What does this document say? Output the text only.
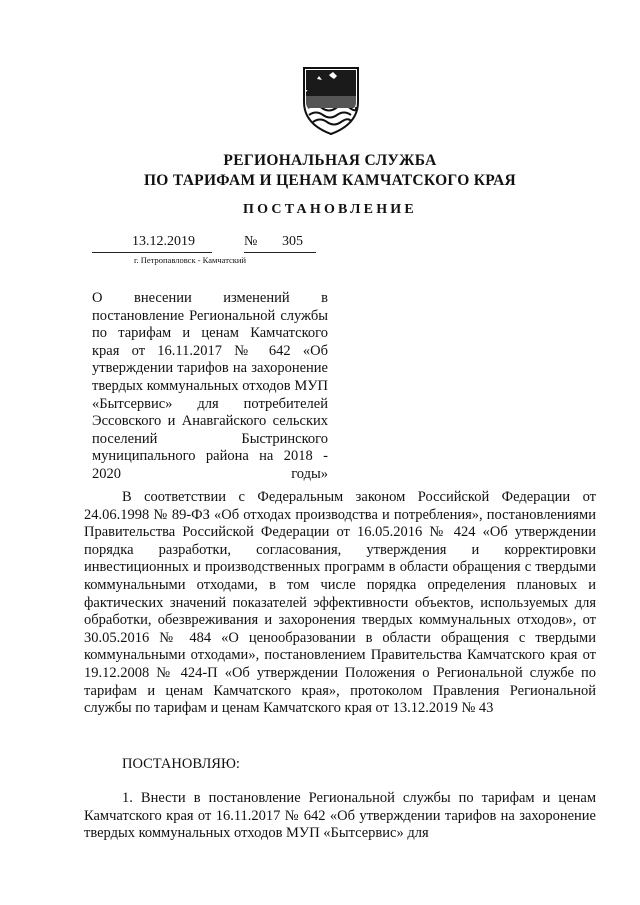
РЕГИОНАЛЬНАЯ СЛУЖБА
ПО ТАРИФАМ И ЦЕНАМ КАМЧАТСКОГО КРАЯ
ПОСТАНОВЛЕНИЕ
13.12.2019	№ 305
г. Петропавловск - Камчатский
О внесении изменений в постановление Региональной службы по тарифам и ценам Камчатского края от 16.11.2017 № 642 «Об утверждении тарифов на захоронение твердых коммунальных отходов МУП «Бытсервис» для потребителей Эссовского и Анавгайского сельских поселений Быстринского муниципального района на 2018 - 2020 годы»
В соответствии с Федеральным законом Российской Федерации от 24.06.1998 № 89-ФЗ «Об отходах производства и потребления», постановлениями Правительства Российской Федерации от 16.05.2016 № 424 «Об утверждении порядка разработки, согласования, утверждения и корректировки инвестиционных и производственных программ в области обращения с твердыми коммунальными отходами, в том числе порядка определения плановых и фактических значений показателей эффективности объектов, используемых для обработки, обезвреживания и захоронения твердых коммунальных отходов», от 30.05.2016 № 484 «О ценообразовании в области обращения с твердыми коммунальными отходами», постановлением Правительства Камчатского края от 19.12.2008 № 424-П «Об утверждении Положения о Региональной службе по тарифам и ценам Камчатского края», протоколом Правления Региональной службы по тарифам и ценам Камчатского края от 13.12.2019 № 43
ПОСТАНОВЛЯЮ:
1. Внести в постановление Региональной службы по тарифам и ценам Камчатского края от 16.11.2017 № 642 «Об утверждении тарифов на захоронение твердых коммунальных отходов МУП «Бытсервис» для
